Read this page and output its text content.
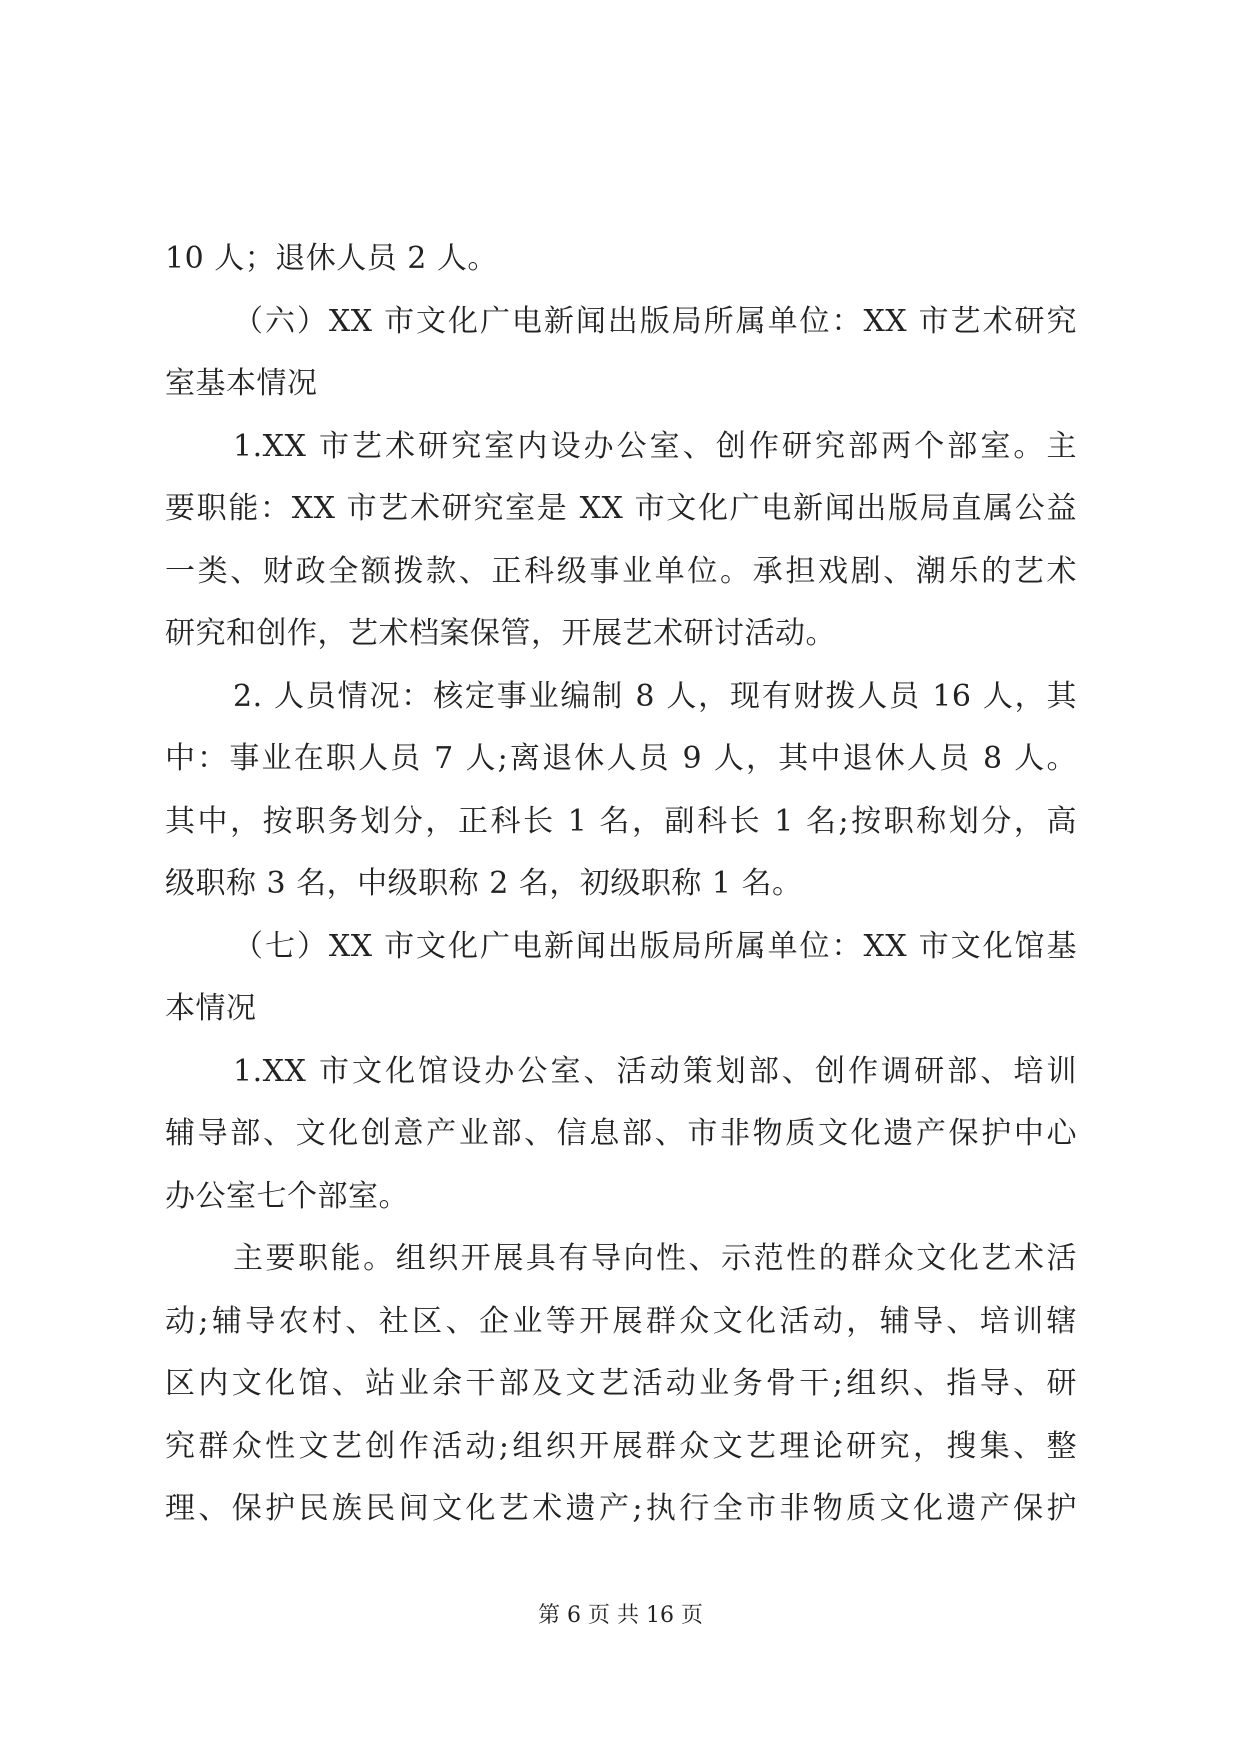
10 人；退休人员 2 人。
（六）XX 市文化广电新闻出版局所属单位：XX 市艺术研究
室基本情况
1.XX 市艺术研究室内设办公室、创作研究部两个部室。主
要职能：XX 市艺术研究室是 XX 市文化广电新闻出版局直属公益
一类、财政全额拨款、正科级事业单位。承担戏剧、潮乐的艺术
研究和创作，艺术档案保管，开展艺术研讨活动。
2. 人员情况：核定事业编制 8 人，现有财拨人员 16 人，其
中：事业在职人员 7 人;离退休人员 9 人，其中退休人员 8 人。
其中，按职务划分，正科长 1 名，副科长 1 名;按职称划分，高
级职称 3 名，中级职称 2 名，初级职称 1 名。
（七）XX 市文化广电新闻出版局所属单位：XX 市文化馆基
本情况
1.XX 市文化馆设办公室、活动策划部、创作调研部、培训
辅导部、文化创意产业部、信息部、市非物质文化遗产保护中心
办公室七个部室。
主要职能。组织开展具有导向性、示范性的群众文化艺术活
动;辅导农村、社区、企业等开展群众文化活动，辅导、培训辖
区内文化馆、站业余干部及文艺活动业务骨干;组织、指导、研
究群众性文艺创作活动;组织开展群众文艺理论研究，搜集、整
理、保护民族民间文化艺术遗产;执行全市非物质文化遗产保护
第 6 页 共 16 页
